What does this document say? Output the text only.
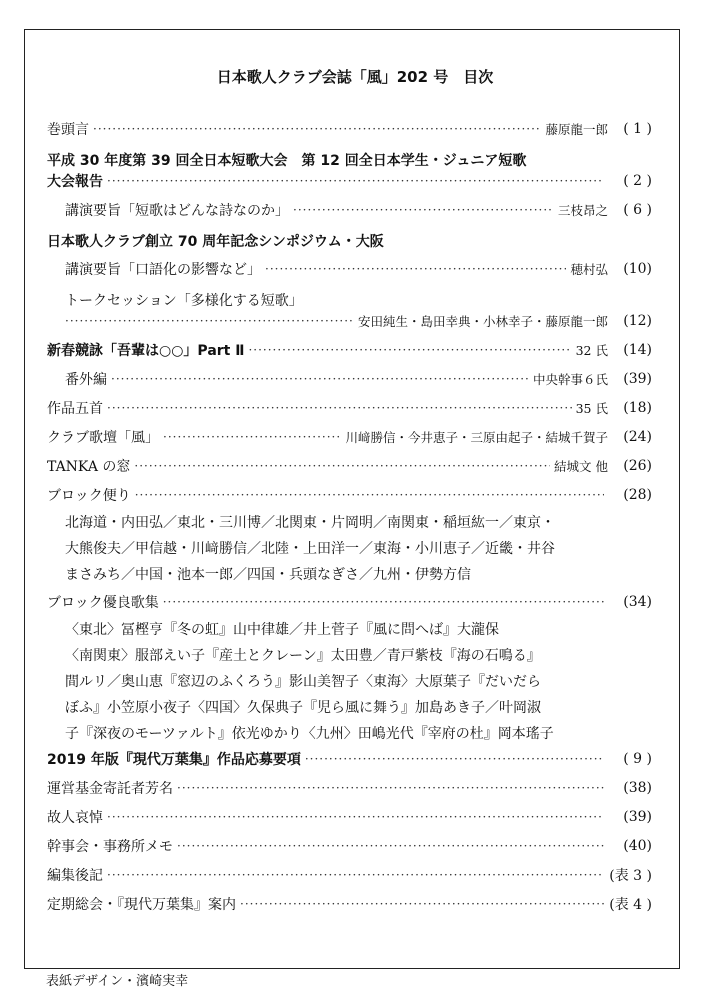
日本歌人クラブ会誌「風」202 号　目次
巻頭言 ·····	藤原龍一郎	( 1 )
平成 30 年度第 39 回全日本短歌大会　第 12 回全日本学生・ジュニア短歌
大会報告 ·····	( 2 )
講演要旨「短歌はどんな詩なのか」 ·····	三枝昂之	( 6 )
日本歌人クラブ創立 70 周年記念シンポジウム・大阪
講演要旨「口語化の影響など」 ·····	穂村弘	(10)
トークセッション「多様化する短歌」
·····
安田純生・島田幸典・小林幸子・藤原龍一郎	(12)
新春競詠「吾輩は○○」Part Ⅱ ·····	32 氏	(14)
番外編 ·····	中央幹事６氏	(39)
作品五首 ·····	35 氏	(18)
クラブ歌壇「風」 ·····	川﨑勝信・今井恵子・三原由起子・結城千賀子	(24)
TANKA の窓 ·····	結城文 他	(26)
ブロック便り ·····	(28)
北海道・内田弘／東北・三川博／北関東・片岡明／南関東・稲垣紘一／東京・
大熊俊夫／甲信越・川﨑勝信／北陸・上田洋一／東海・小川恵子／近畿・井谷
まさみち／中国・池本一郎／四国・兵頭なぎさ／九州・伊勢方信
ブロック優良歌集 ·····	(34)
〈東北〉冨樫亨『冬の虹』山中律雄／井上菅子『風に問へば』大瀧保
〈南関東〉服部えい子『産土とクレーン』太田豊／青戸紫枝『海の石鳴る』
間ルリ／奥山恵『窓辺のふくろう』影山美智子〈東海〉大原葉子『だいだら
ぼふ』小笠原小夜子〈四国〉久保典子『児ら風に舞う』加島あき子／叶岡淑
子『深夜のモーツァルト』依光ゆかり〈九州〉田嶋光代『宰府の杜』岡本瑤子
2019 年版『現代万葉集』作品応募要項 ·····	( 9 )
運営基金寄託者芳名 ·····	(38)
故人哀悼 ·····	(39)
幹事会・事務所メモ ·····	(40)
編集後記 ·····	(表 3 )
定期総会・『現代万葉集』案内 ·····	(表 4 )
表紙デザイン・濱崎実幸
